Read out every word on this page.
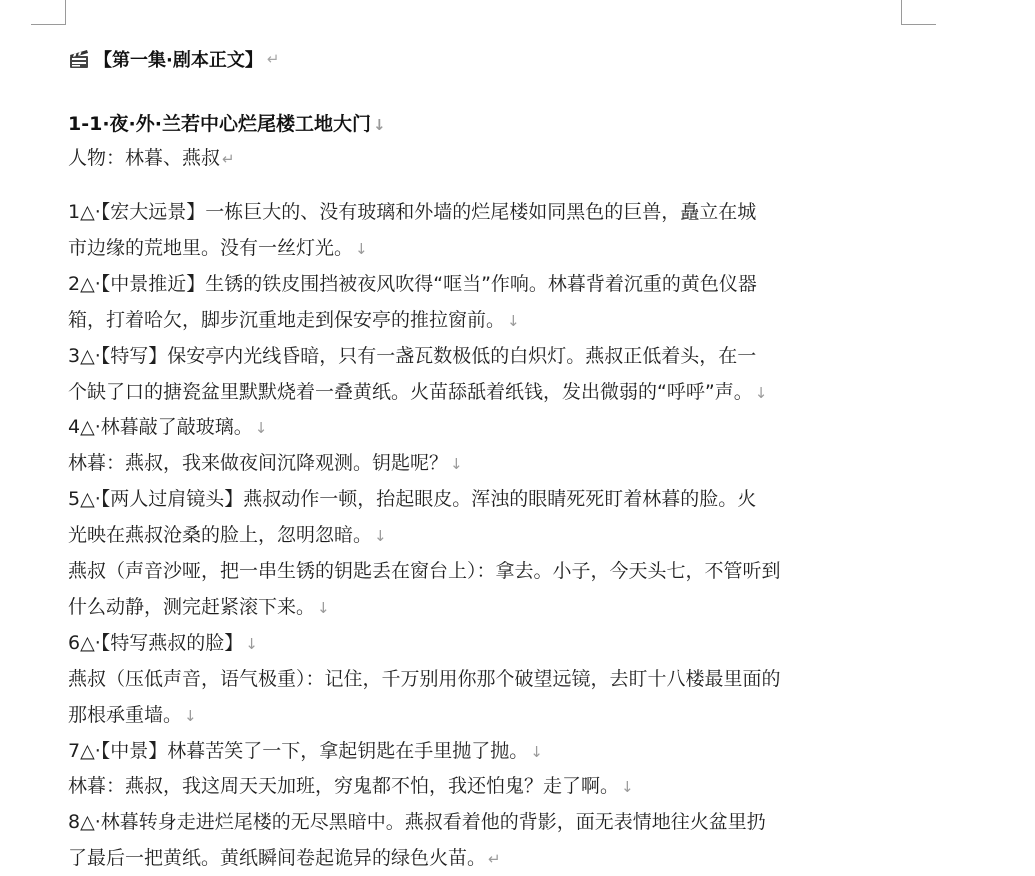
【第一集·剧本正文】 ↵
1-1·夜·外·兰若中心烂尾楼工地大门 ↓
人物：林暮、燕叔 ↵
1△·【宏大远景】一栋巨大的、没有玻璃和外墙的烂尾楼如同黑色的巨兽，矗立在城
市边缘的荒地里。没有一丝灯光。 ↓
2△·【中景推近】生锈的铁皮围挡被夜风吹得“哐当”作响。林暮背着沉重的黄色仪器
箱，打着哈欠，脚步沉重地走到保安亭的推拉窗前。 ↓
3△·【特写】保安亭内光线昏暗，只有一盏瓦数极低的白炽灯。燕叔正低着头，在一
个缺了口的搪瓷盆里默默烧着一叠黄纸。火苗舔舐着纸钱，发出微弱的“呼呼”声。 ↓
4△·林暮敲了敲玻璃。 ↓
林暮：燕叔，我来做夜间沉降观测。钥匙呢？ ↓
5△·【两人过肩镜头】燕叔动作一顿，抬起眼皮。浑浊的眼睛死死盯着林暮的脸。火
光映在燕叔沧桑的脸上，忽明忽暗。 ↓
燕叔（声音沙哑，把一串生锈的钥匙丢在窗台上）：拿去。小子，今天头七，不管听到
什么动静，测完赶紧滚下来。 ↓
6△·【特写燕叔的脸】 ↓
燕叔（压低声音，语气极重）：记住，千万别用你那个破望远镜，去盯十八楼最里面的
那根承重墙。 ↓
7△·【中景】林暮苦笑了一下，拿起钥匙在手里抛了抛。 ↓
林暮：燕叔，我这周天天加班，穷鬼都不怕，我还怕鬼？走了啊。 ↓
8△·林暮转身走进烂尾楼的无尽黑暗中。燕叔看着他的背影，面无表情地往火盆里扔
了最后一把黄纸。黄纸瞬间卷起诡异的绿色火苗。 ↵
